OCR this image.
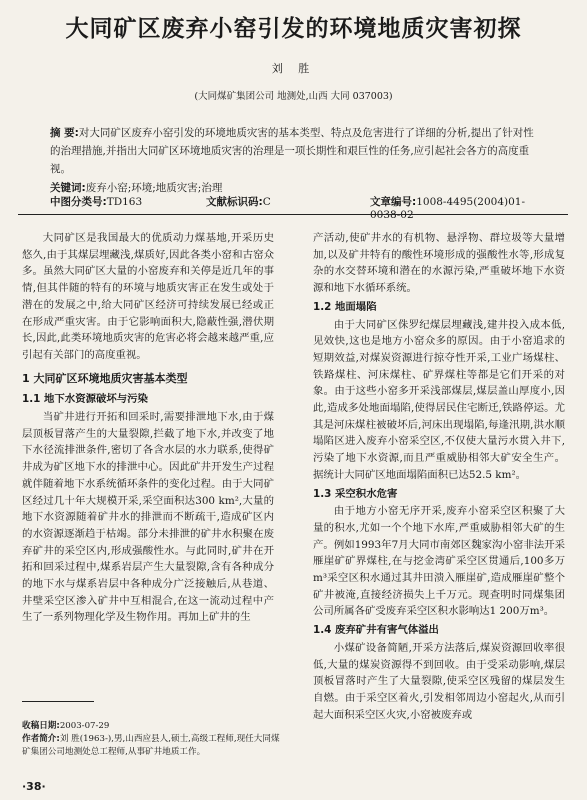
大同矿区废弃小窑引发的环境地质灾害初探
刘 胜
(大同煤矿集团公司 地测处,山西 大同 037003)
摘 要:对大同矿区废弃小窑引发的环境地质灾害的基本类型、特点及危害进行了详细的分析,提出了针对性的治理措施,并指出大同矿区环境地质灾害的治理是一项长期性和艰巨性的任务,应引起社会各方的高度重视。
关键词:废弃小窑;环境;地质灾害;治理
中图分类号:TD163	文献标识码:C	文章编号:1008-4495(2004)01-0038-02

大同矿区是我国最大的优质动力煤基地,开采历史悠久,由于其煤层埋藏浅,煤质好,因此各类小窑和古窑众多。虽然大同矿区大量的小窑废弃和关停是近几年的事情,但其伴随的特有的环境与地质灾害正在发生或处于潜在的发展之中,给大同矿区经济可持续发展已经或正在形成严重灾害。由于它影响面积大,隐蔽性强,潜伏期长,因此,此类环境地质灾害的危害必将会越来越严重,应引起有关部门的高度重视。

1 大同矿区环境地质灾害基本类型
1.1 地下水资源破坏与污染

当矿井进行开拓和回采时,需要排泄地下水,由于煤层顶板冒落产生的大量裂隙,拦截了地下水,并改变了地下水径流排泄条件,密切了各含水层的水力联系,使得矿井成为矿区地下水的排泄中心。因此矿井开发生产过程就伴随着地下水系统循环条件的变化过程。由于大同矿区经过几十年大规模开采,采空面积达300 km²,大量的地下水资源随着矿井水的排泄而不断疏干,造成矿区内的水资源逐渐趋于枯竭。部分未排泄的矿井水积聚在废弃矿井的采空区内,形成强酸性水。与此同时,矿井在开拓和回采过程中,煤系岩层产生大量裂隙,含有各种成分的地下水与煤系岩层中各种成分广泛接触后,从巷道、井壁采空区渗入矿井中互相混合,在这一流动过程中产生了一系列物理化学及生物作用。再加上矿井的生

产活动,使矿井水的有机物、悬浮物、群垃圾等大量增加,以及矿井特有的酸性环境形成的强酸性水等,形成复杂的水交替环境和潜在的水源污染,严重破坏地下水资源和地下水循环系统。

1.2 地面塌陷

由于大同矿区侏罗纪煤层埋藏浅,建井投入成本低,见效快,这也是地方小窑众多的原因。由于小窑追求的短期效益,对煤炭资源进行掠夺性开采,工业广场煤柱、铁路煤柱、河床煤柱、矿界煤柱等都是它们开采的对象。由于这些小窑多开采浅部煤层,煤层盖山厚度小,因此,造成多处地面塌陷,使得居民住宅断迁,铁路停运。尤其是河床煤柱被破坏后,河床出现塌陷,每逢汛期,洪水顺塌陷区进入废弃小窑采空区,不仅使大量污水贯入井下,污染了地下水资源,而且严重威胁相邻大矿安全生产。据统计大同矿区地面塌陷面积已达52.5 km²。

1.3 采空积水危害

由于地方小窑无序开采,废弃小窑采空区积聚了大量的积水,尤如一个个地下水库,严重威胁相邻大矿的生产。例如1993年7月大同市南郊区魏家沟小窑非法开采雁崖矿矿界煤柱,在与挖金湾矿采空区贯通后,100多万m³采空区积水通过其井田溃入雁崖矿,造成雁崖矿整个矿井被淹,直接经济损失上千万元。现查明时同煤集团公司所属各矿受废弃采空区积水影响达1 200万m³。

1.4 废弃矿井有害气体溢出

小煤矿设备简陋,开采方法落后,煤炭资源回收率很低,大量的煤炭资源得不到回收。由于受采动影响,煤层顶板冒落时产生了大量裂隙,使采空区残留的煤层发生自燃。由于采空区着火,引发相邻周边小窑起火,从而引起大面积采空区火灾,小窑被废弃或

收稿日期:2003-07-29
作者简介:刘 胜(1963-),男,山西应县人,硕士,高级工程师,现任大同煤矿集团公司地测处总工程师,从事矿井地质工作。
·38·
